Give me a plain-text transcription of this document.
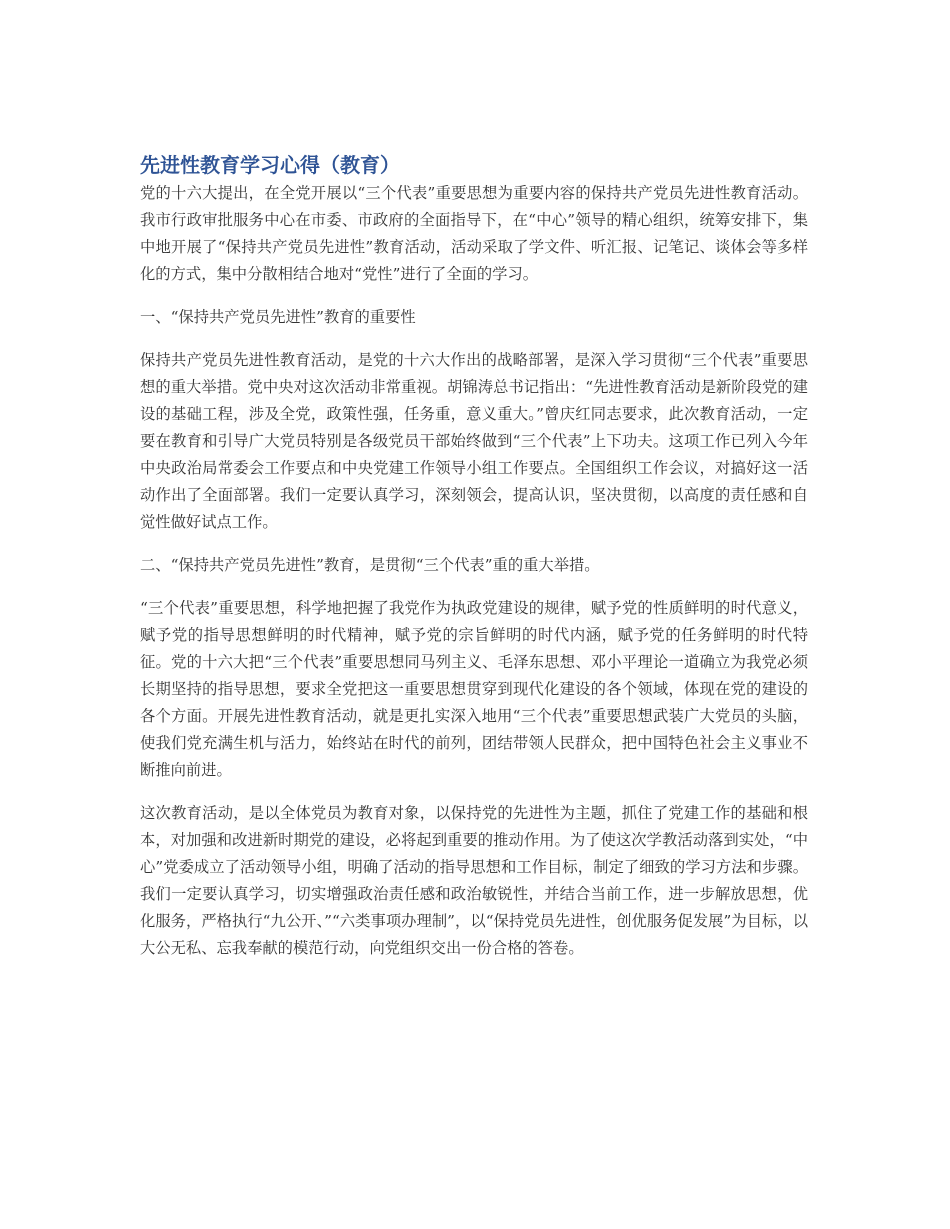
先进性教育学习心得（教育）

党的十六大提出，在全党开展以“三个代表”重要思想为重要内容的保持共产党员先进性教育活动。我市行政审批服务中心在市委、市政府的全面指导下，在“中心”领导的精心组织，统筹安排下，集中地开展了“保持共产党员先进性”教育活动，活动采取了学文件、听汇报、记笔记、谈体会等多样化的方式，集中分散相结合地对“党性”进行了全面的学习。

一、“保持共产党员先进性”教育的重要性

保持共产党员先进性教育活动，是党的十六大作出的战略部署，是深入学习贯彻“三个代表”重要思想的重大举措。党中央对这次活动非常重视。胡锦涛总书记指出：“先进性教育活动是新阶段党的建设的基础工程，涉及全党，政策性强，任务重，意义重大。”曾庆红同志要求，此次教育活动，一定要在教育和引导广大党员特别是各级党员干部始终做到“三个代表”上下功夫。这项工作已列入今年中央政治局常委会工作要点和中央党建工作领导小组工作要点。全国组织工作会议，对搞好这一活动作出了全面部署。我们一定要认真学习，深刻领会，提高认识，坚决贯彻，以高度的责任感和自觉性做好试点工作。

二、“保持共产党员先进性”教育，是贯彻“三个代表”重的重大举措。

“三个代表”重要思想，科学地把握了我党作为执政党建设的规律，赋予党的性质鲜明的时代意义，赋予党的指导思想鲜明的时代精神，赋予党的宗旨鲜明的时代内涵，赋予党的任务鲜明的时代特征。党的十六大把“三个代表”重要思想同马列主义、毛泽东思想、邓小平理论一道确立为我党必须长期坚持的指导思想，要求全党把这一重要思想贯穿到现代化建设的各个领域，体现在党的建设的各个方面。开展先进性教育活动，就是更扎实深入地用“三个代表”重要思想武装广大党员的头脑，使我们党充满生机与活力，始终站在时代的前列，团结带领人民群众，把中国特色社会主义事业不断推向前进。

这次教育活动，是以全体党员为教育对象，以保持党的先进性为主题，抓住了党建工作的基础和根本，对加强和改进新时期党的建设，必将起到重要的推动作用。为了使这次学教活动落到实处，“中心”党委成立了活动领导小组，明确了活动的指导思想和工作目标，制定了细致的学习方法和步骤。我们一定要认真学习，切实增强政治责任感和政治敏锐性，并结合当前工作，进一步解放思想，优化服务，严格执行“九公开、”“六类事项办理制”，以“保持党员先进性，创优服务促发展”为目标，以大公无私、忘我奉献的模范行动，向党组织交出一份合格的答卷。
